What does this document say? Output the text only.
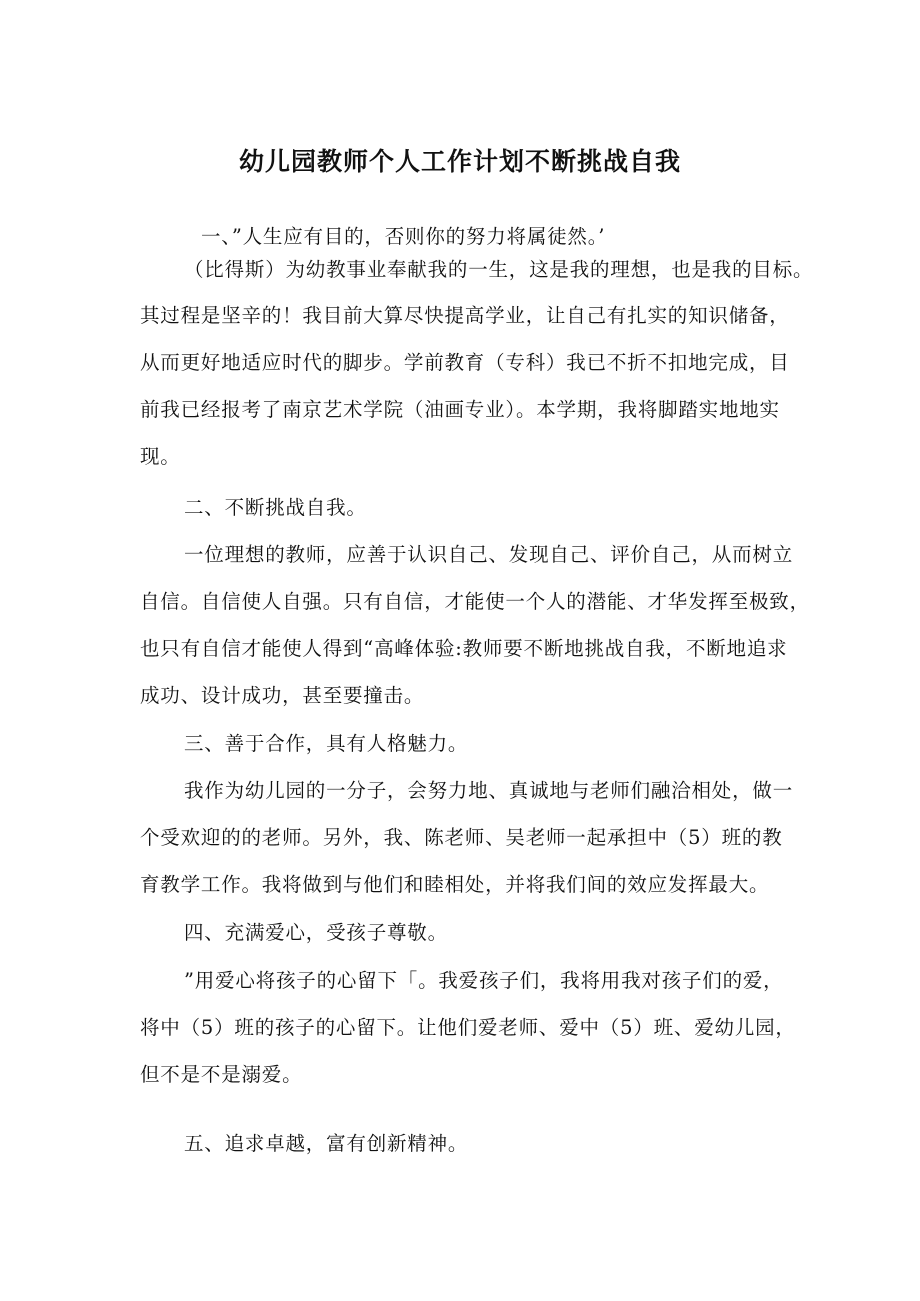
幼儿园教师个人工作计划不断挑战自我

一、”人生应有目的，否则你的努力将属徒然。’

（比得斯）为幼教事业奉献我的一生，这是我的理想，也是我的目标。

其过程是坚辛的！我目前大算尽快提高学业，让自己有扎实的知识储备，

从而更好地适应时代的脚步。学前教育（专科）我已不折不扣地完成，目

前我已经报考了南京艺术学院（油画专业）。本学期，我将脚踏实地地实

现。

二、不断挑战自我。

一位理想的教师，应善于认识自己、发现自己、评价自己，从而树立

自信。自信使人自强。只有自信，才能使一个人的潜能、才华发挥至极致，

也只有自信才能使人得到“高峰体验:教师要不断地挑战自我，不断地追求

成功、设计成功，甚至要撞击。

三、善于合作，具有人格魅力。

我作为幼儿园的一分子，会努力地、真诚地与老师们融洽相处，做一

个受欢迎的的老师。另外，我、陈老师、吴老师一起承担中（5）班的教

育教学工作。我将做到与他们和睦相处，并将我们间的效应发挥最大。

四、充满爱心，受孩子尊敬。

”用爱心将孩子的心留下「。我爱孩子们，我将用我对孩子们的爱，

将中（5）班的孩子的心留下。让他们爱老师、爱中（5）班、爱幼儿园，

但不是不是溺爱。

五、追求卓越，富有创新精神。
